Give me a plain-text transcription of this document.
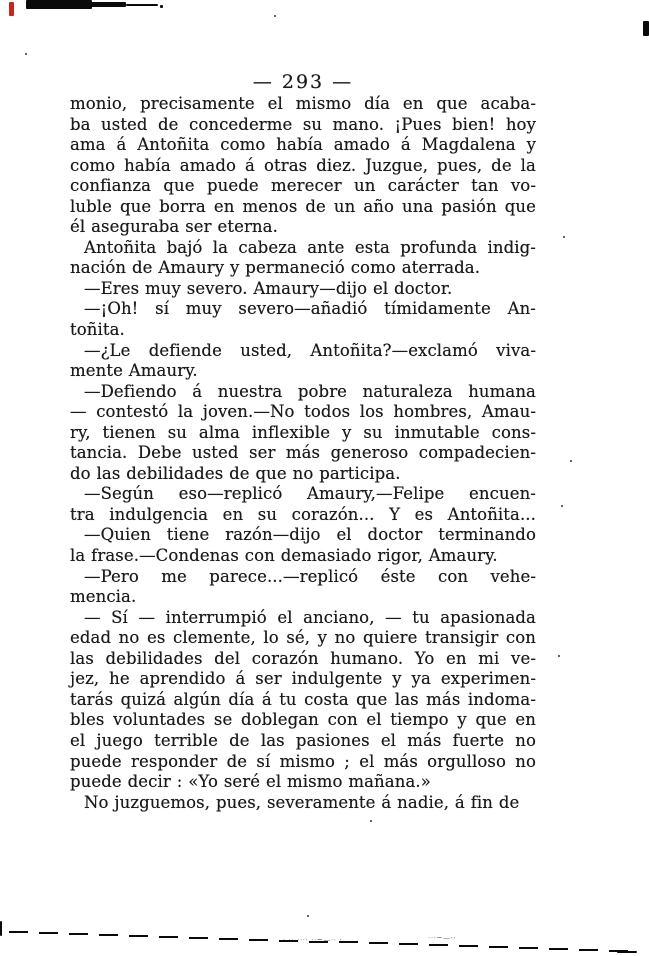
— 293 —
monio, precisamente el mismo día en que acaba-
ba usted de concederme su mano. ¡Pues bien! hoy
ama á Antoñita como había amado á Magdalena y
como había amado á otras diez. Juzgue, pues, de la
confianza que puede merecer un carácter tan vo-
luble que borra en menos de un año una pasión que
él aseguraba ser eterna.
Antoñita bajó la cabeza ante esta profunda indig-
nación de Amaury y permaneció como aterrada.
—Eres muy severo. Amaury—dijo el doctor.
—¡Oh! sí muy severo—añadió tímidamente An-
toñita.
—¿Le defiende usted, Antoñita?—exclamó viva-
mente Amaury.
—Defiendo á nuestra pobre naturaleza humana
— contestó la joven.—No todos los hombres, Amau-
ry, tienen su alma inflexible y su inmutable cons-
tancia. Debe usted ser más generoso compadecien-
do las debilidades de que no participa.
—Según eso—replicó Amaury,—Felipe encuen-
tra indulgencia en su corazón... Y es Antoñita...
—Quien tiene razón—dijo el doctor terminando
la frase.—Condenas con demasiado rigor, Amaury.
—Pero me parece...—replicó éste con vehe-
mencia.
— Sí — interrumpió el anciano, — tu apasionada
edad no es clemente, lo sé, y no quiere transigir con
las debilidades del corazón humano. Yo en mi ve-
jez, he aprendido á ser indulgente y ya experimen-
tarás quizá algún día á tu costa que las más indoma-
bles voluntades se doblegan con el tiempo y que en
el juego terrible de las pasiones el más fuerte no
puede responder de sí mismo ; el más orgulloso no
puede decir : «Yo seré el mismo mañana.»
No juzguemos, pues, severamente á nadie, á fin de
· ·· ···· ··~—·· ·	···~—··
